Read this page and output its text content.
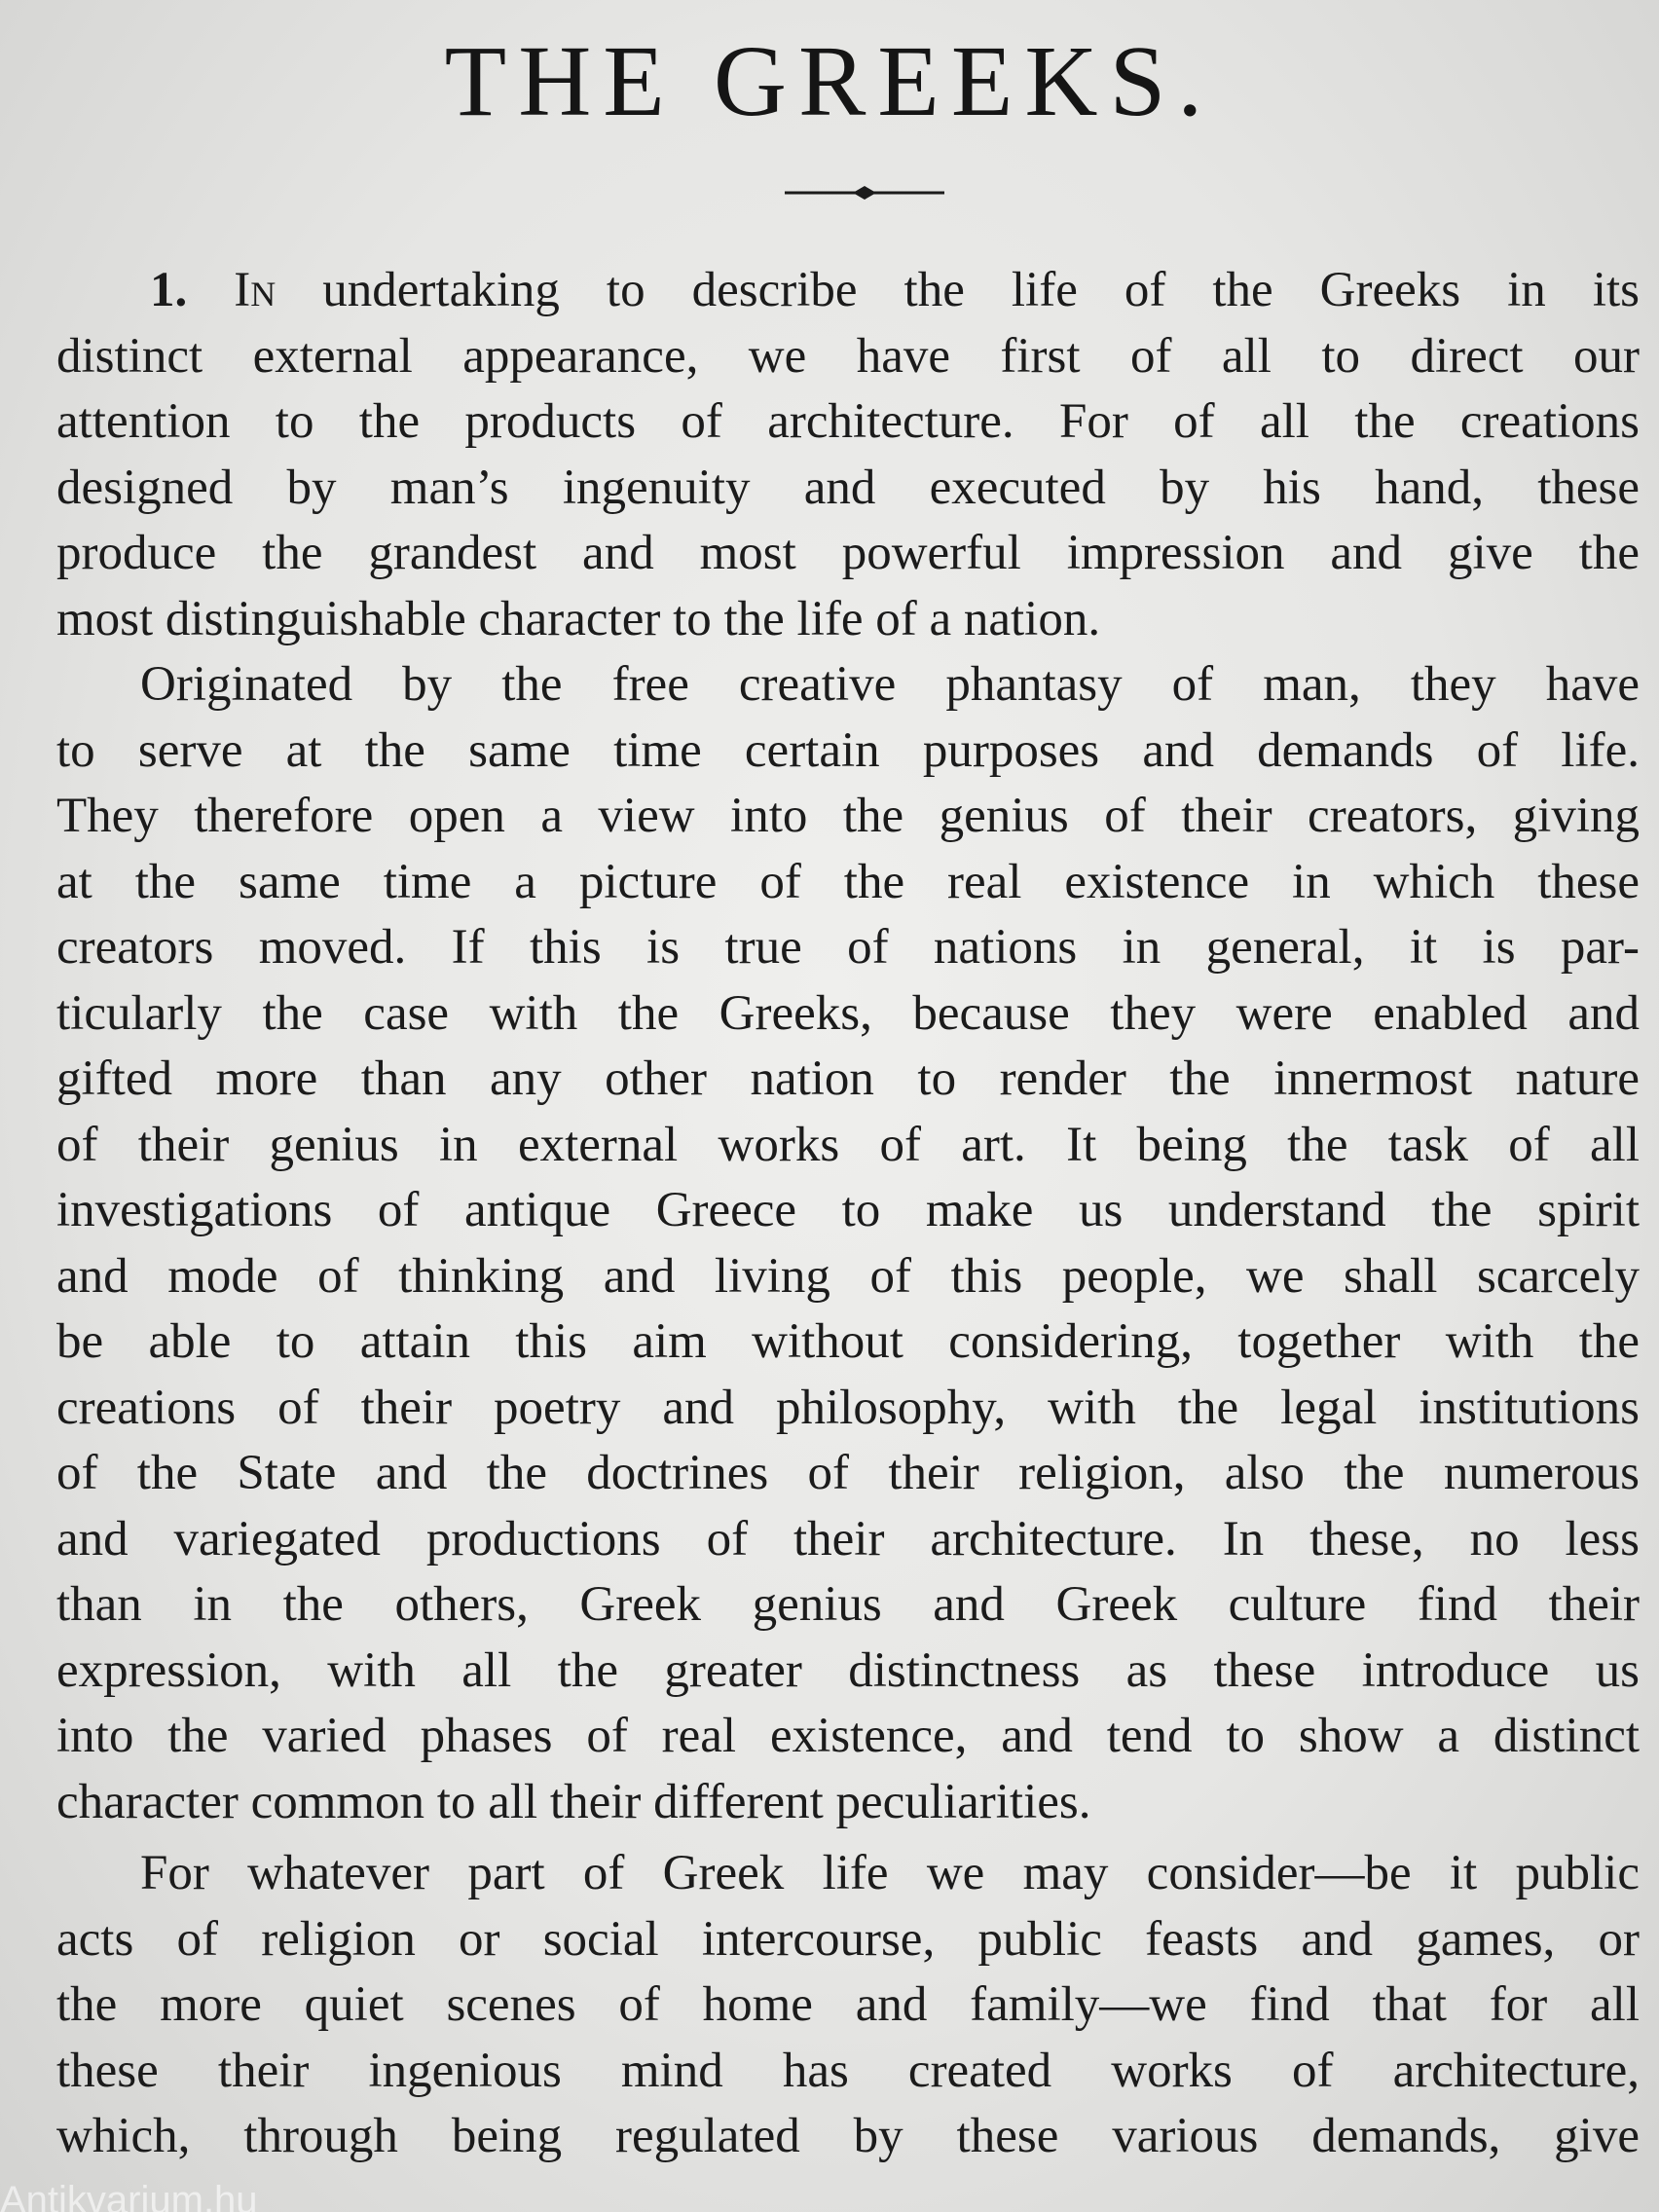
THE GREEKS.
1. In undertaking to describe the life of the Greeks in its
distinct external appearance, we have first of all to direct our
attention to the products of architecture. For of all the creations
designed by man’s ingenuity and executed by his hand, these
produce the grandest and most powerful impression and give the
most distinguishable character to the life of a nation.
Originated by the free creative phantasy of man, they have
to serve at the same time certain purposes and demands of life.
They therefore open a view into the genius of their creators, giving
at the same time a picture of the real existence in which these
creators moved. If this is true of nations in general, it is par-
ticularly the case with the Greeks, because they were enabled and
gifted more than any other nation to render the innermost nature
of their genius in external works of art. It being the task of all
investigations of antique Greece to make us understand the spirit
and mode of thinking and living of this people, we shall scarcely
be able to attain this aim without considering, together with the
creations of their poetry and philosophy, with the legal institutions
of the State and the doctrines of their religion, also the numerous
and variegated productions of their architecture. In these, no less
than in the others, Greek genius and Greek culture find their
expression, with all the greater distinctness as these introduce us
into the varied phases of real existence, and tend to show a distinct
character common to all their different peculiarities.
For whatever part of Greek life we may consider—be it public
acts of religion or social intercourse, public feasts and games, or
the more quiet scenes of home and family—we find that for all
these their ingenious mind has created works of architecture,
which, through being regulated by these various demands, give
Antikvarium.hu
